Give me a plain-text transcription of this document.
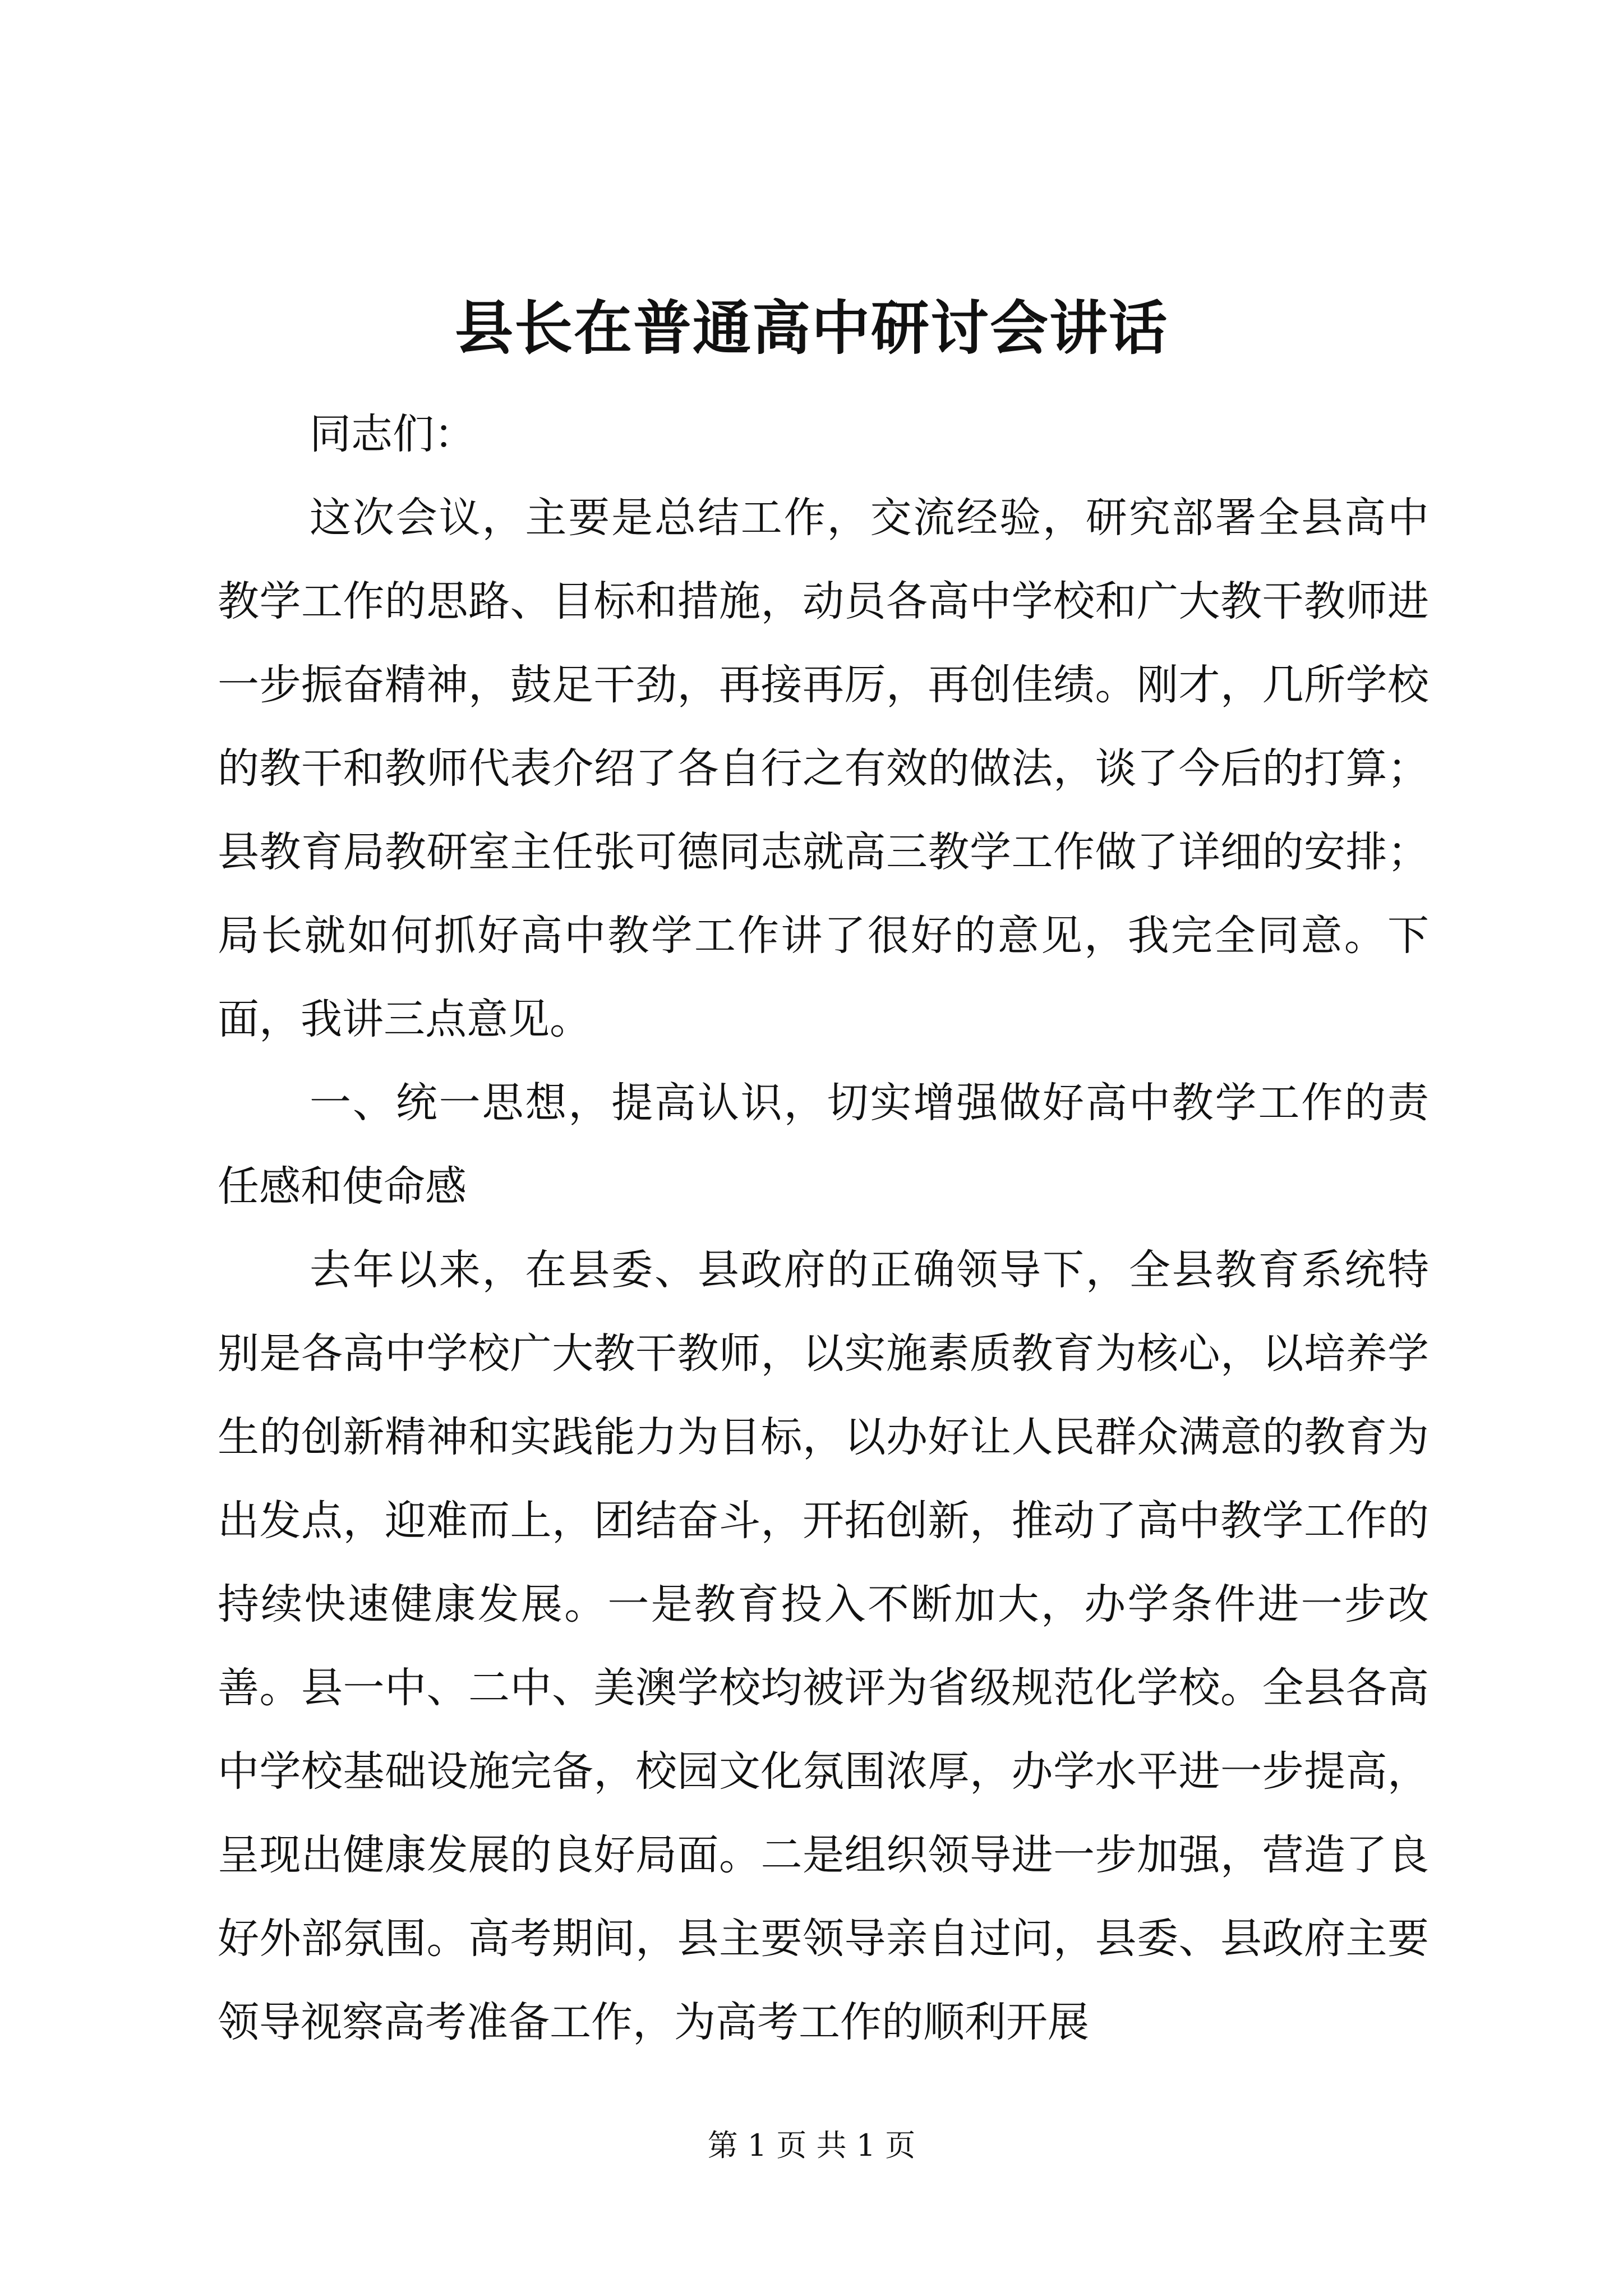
县长在普通高中研讨会讲话

同志们：

这次会议，主要是总结工作，交流经验，研究部署全县高中教学工作的思路、目标和措施，动员各高中学校和广大教干教师进一步振奋精神，鼓足干劲，再接再厉，再创佳绩。刚才，几所学校的教干和教师代表介绍了各自行之有效的做法，谈了今后的打算；县教育局教研室主任张可德同志就高三教学工作做了详细的安排；局长就如何抓好高中教学工作讲了很好的意见，我完全同意。下面，我讲三点意见。

一、统一思想，提高认识，切实增强做好高中教学工作的责任感和使命感

去年以来，在县委、县政府的正确领导下，全县教育系统特别是各高中学校广大教干教师，以实施素质教育为核心，以培养学生的创新精神和实践能力为目标，以办好让人民群众满意的教育为出发点，迎难而上，团结奋斗，开拓创新，推动了高中教学工作的持续快速健康发展。一是教育投入不断加大，办学条件进一步改善。县一中、二中、美澳学校均被评为省级规范化学校。全县各高中学校基础设施完备，校园文化氛围浓厚，办学水平进一步提高，呈现出健康发展的良好局面。二是组织领导进一步加强，营造了良好外部氛围。高考期间，县主要领导亲自过问，县委、县政府主要领导视察高考准备工作，为高考工作的顺利开展

第 1 页 共 1 页
